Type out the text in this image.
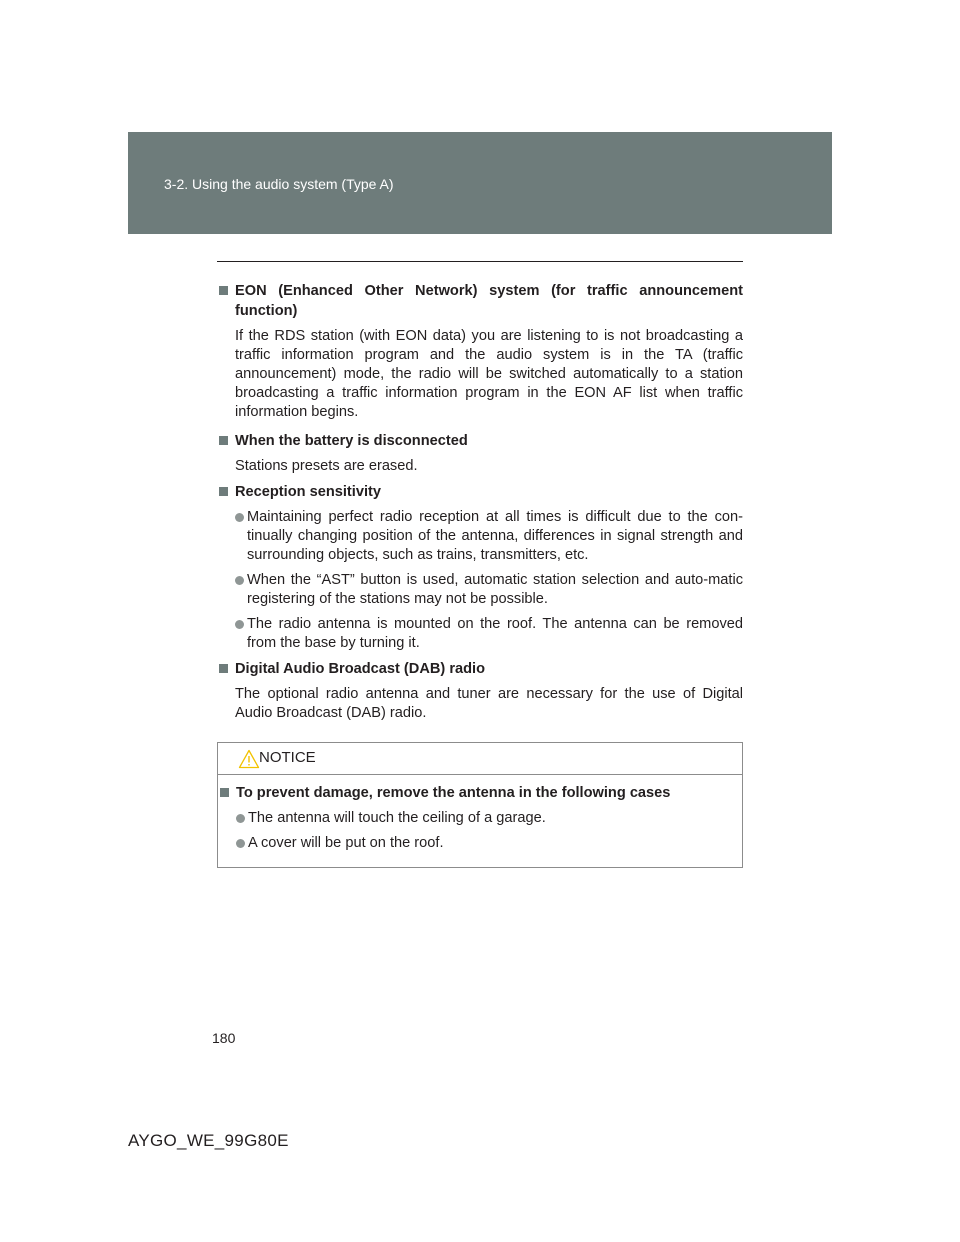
3-2. Using the audio system (Type A)
EON (Enhanced Other Network) system (for traffic announcement function)
If the RDS station (with EON data) you are listening to is not broadcasting a traffic information program and the audio system is in the TA (traffic announcement) mode, the radio will be switched automatically to a station broadcasting a traffic information program in the EON AF list when traffic information begins.
When the battery is disconnected
Stations presets are erased.
Reception sensitivity
Maintaining perfect radio reception at all times is difficult due to the con-tinually changing position of the antenna, differences in signal strength and surrounding objects, such as trains, transmitters, etc.
When the “AST” button is used, automatic station selection and auto-matic registering of the stations may not be possible.
The radio antenna is mounted on the roof. The antenna can be removed from the base by turning it.
Digital Audio Broadcast (DAB) radio
The optional radio antenna and tuner are necessary for the use of Digital Audio Broadcast (DAB) radio.
NOTICE
To prevent damage, remove the antenna in the following cases
The antenna will touch the ceiling of a garage.
A cover will be put on the roof.
180
AYGO_WE_99G80E
